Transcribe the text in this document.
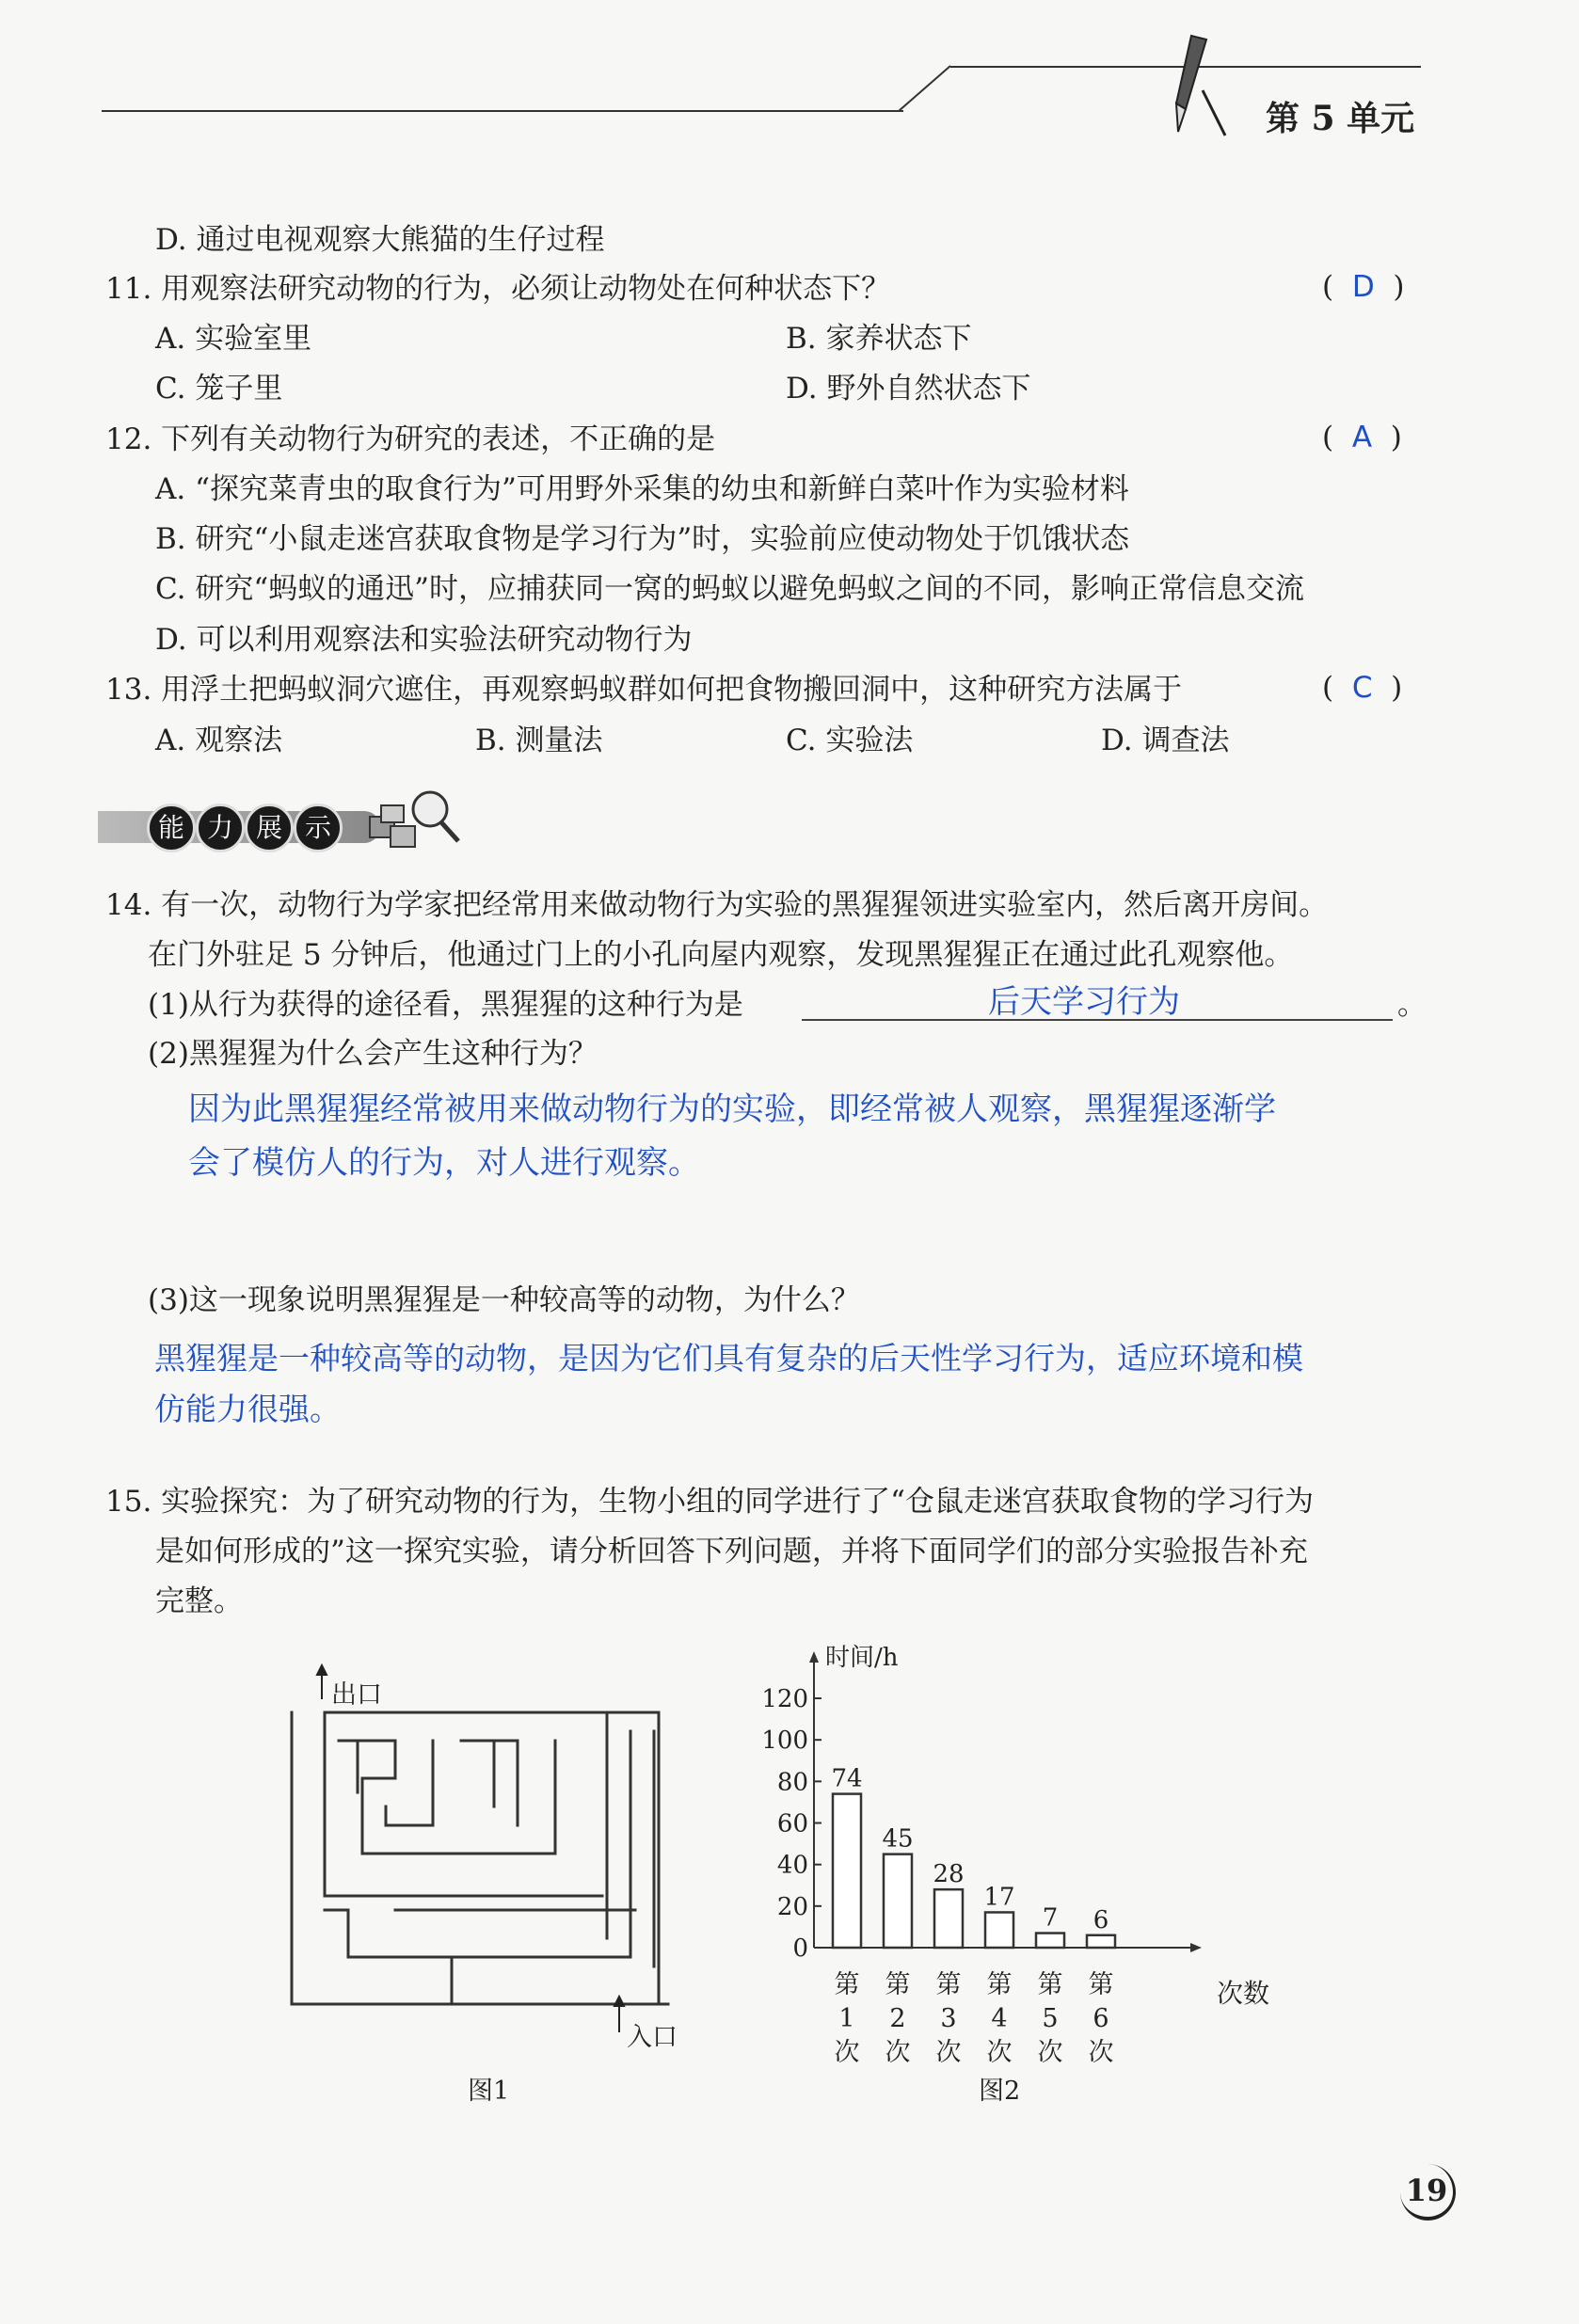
第 5 单元
D. 通过电视观察大熊猫的生仔过程
11. 用观察法研究动物的行为，必须让动物处在何种状态下？	(  D  )
A. 实验室里	B. 家养状态下
C. 笼子里	D. 野外自然状态下
12. 下列有关动物行为研究的表述，不正确的是	(  A  )
A. “探究菜青虫的取食行为”可用野外采集的幼虫和新鲜白菜叶作为实验材料
B. 研究“小鼠走迷宫获取食物是学习行为”时，实验前应使动物处于饥饿状态
C. 研究“蚂蚁的通迅”时，应捕获同一窝的蚂蚁以避免蚂蚁之间的不同，影响正常信息交流
D. 可以利用观察法和实验法研究动物行为
13. 用浮土把蚂蚁洞穴遮住，再观察蚂蚁群如何把食物搬回洞中，这种研究方法属于	(  C  )
A. 观察法	B. 测量法	C. 实验法	D. 调查法
能 力 展 示
14. 有一次，动物行为学家把经常用来做动物行为实验的黑猩猩领进实验室内，然后离开房间。
在门外驻足 5 分钟后，他通过门上的小孔向屋内观察，发现黑猩猩正在通过此孔观察他。
(1)从行为获得的途径看，黑猩猩的这种行为是	后天学习行为	。
(2)黑猩猩为什么会产生这种行为？
因为此黑猩猩经常被用来做动物行为的实验，即经常被人观察，黑猩猩逐渐学
会了模仿人的行为，对人进行观察。
(3)这一现象说明黑猩猩是一种较高等的动物，为什么？
黑猩猩是一种较高等的动物，是因为它们具有复杂的后天性学习行为，适应环境和模
仿能力很强。
15. 实验探究：为了研究动物的行为，生物小组的同学进行了“仓鼠走迷宫获取食物的学习行为
是如何形成的”这一探究实验，请分析回答下列问题，并将下面同学们的部分实验报告补充
完整。
出口
入口
图1
0
20
40
60
80
100
120
时间/h
次数
74
第
1
次
45
第
2
次
28
第
3
次
17
第
4
次
7
第
5
次
6
第
6
次
图2
19
